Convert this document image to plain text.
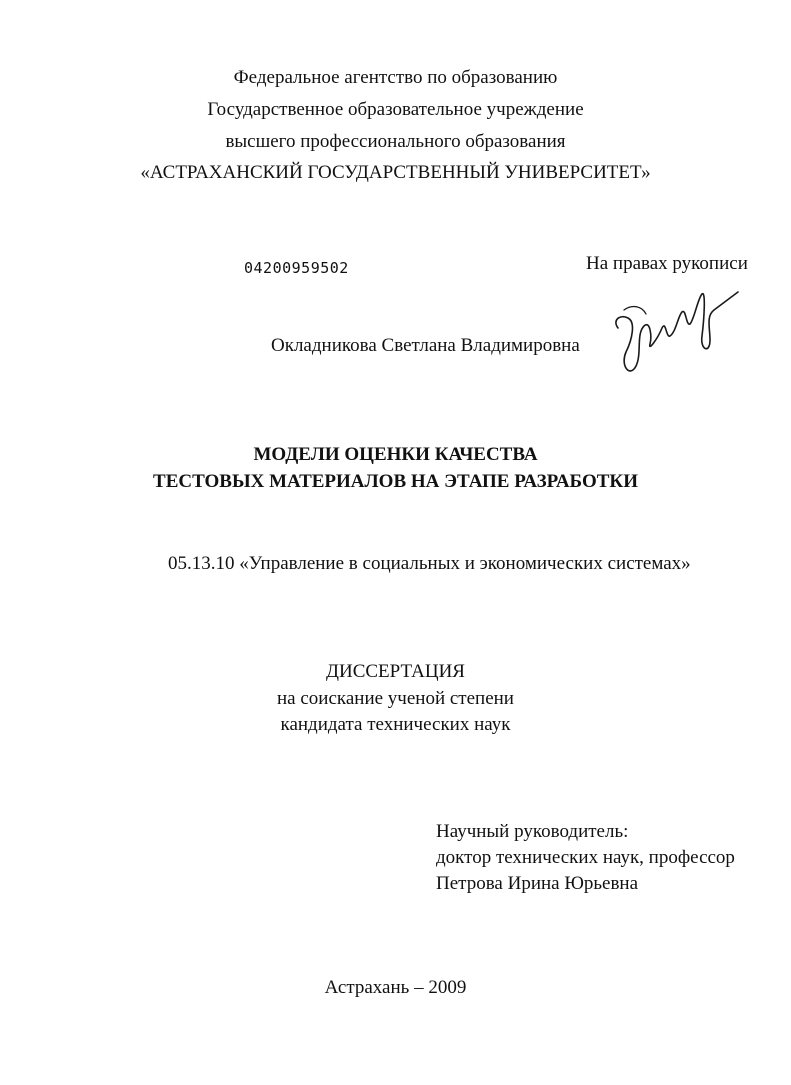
Федеральное агентство по образованию
Государственное образовательное учреждение
высшего профессионального образования
«АСТРАХАНСКИЙ ГОСУДАРСТВЕННЫЙ УНИВЕРСИТЕТ»
04200959502	На правах рукописи
Окладникова Светлана Владимировна
МОДЕЛИ ОЦЕНКИ КАЧЕСТВА
ТЕСТОВЫХ МАТЕРИАЛОВ НА ЭТАПЕ РАЗРАБОТКИ
05.13.10 «Управление в социальных и экономических системах»
ДИССЕРТАЦИЯ
на соискание ученой степени
кандидата технических наук
Научный руководитель:
доктор технических наук, профессор
Петрова Ирина Юрьевна
Астрахань – 2009
